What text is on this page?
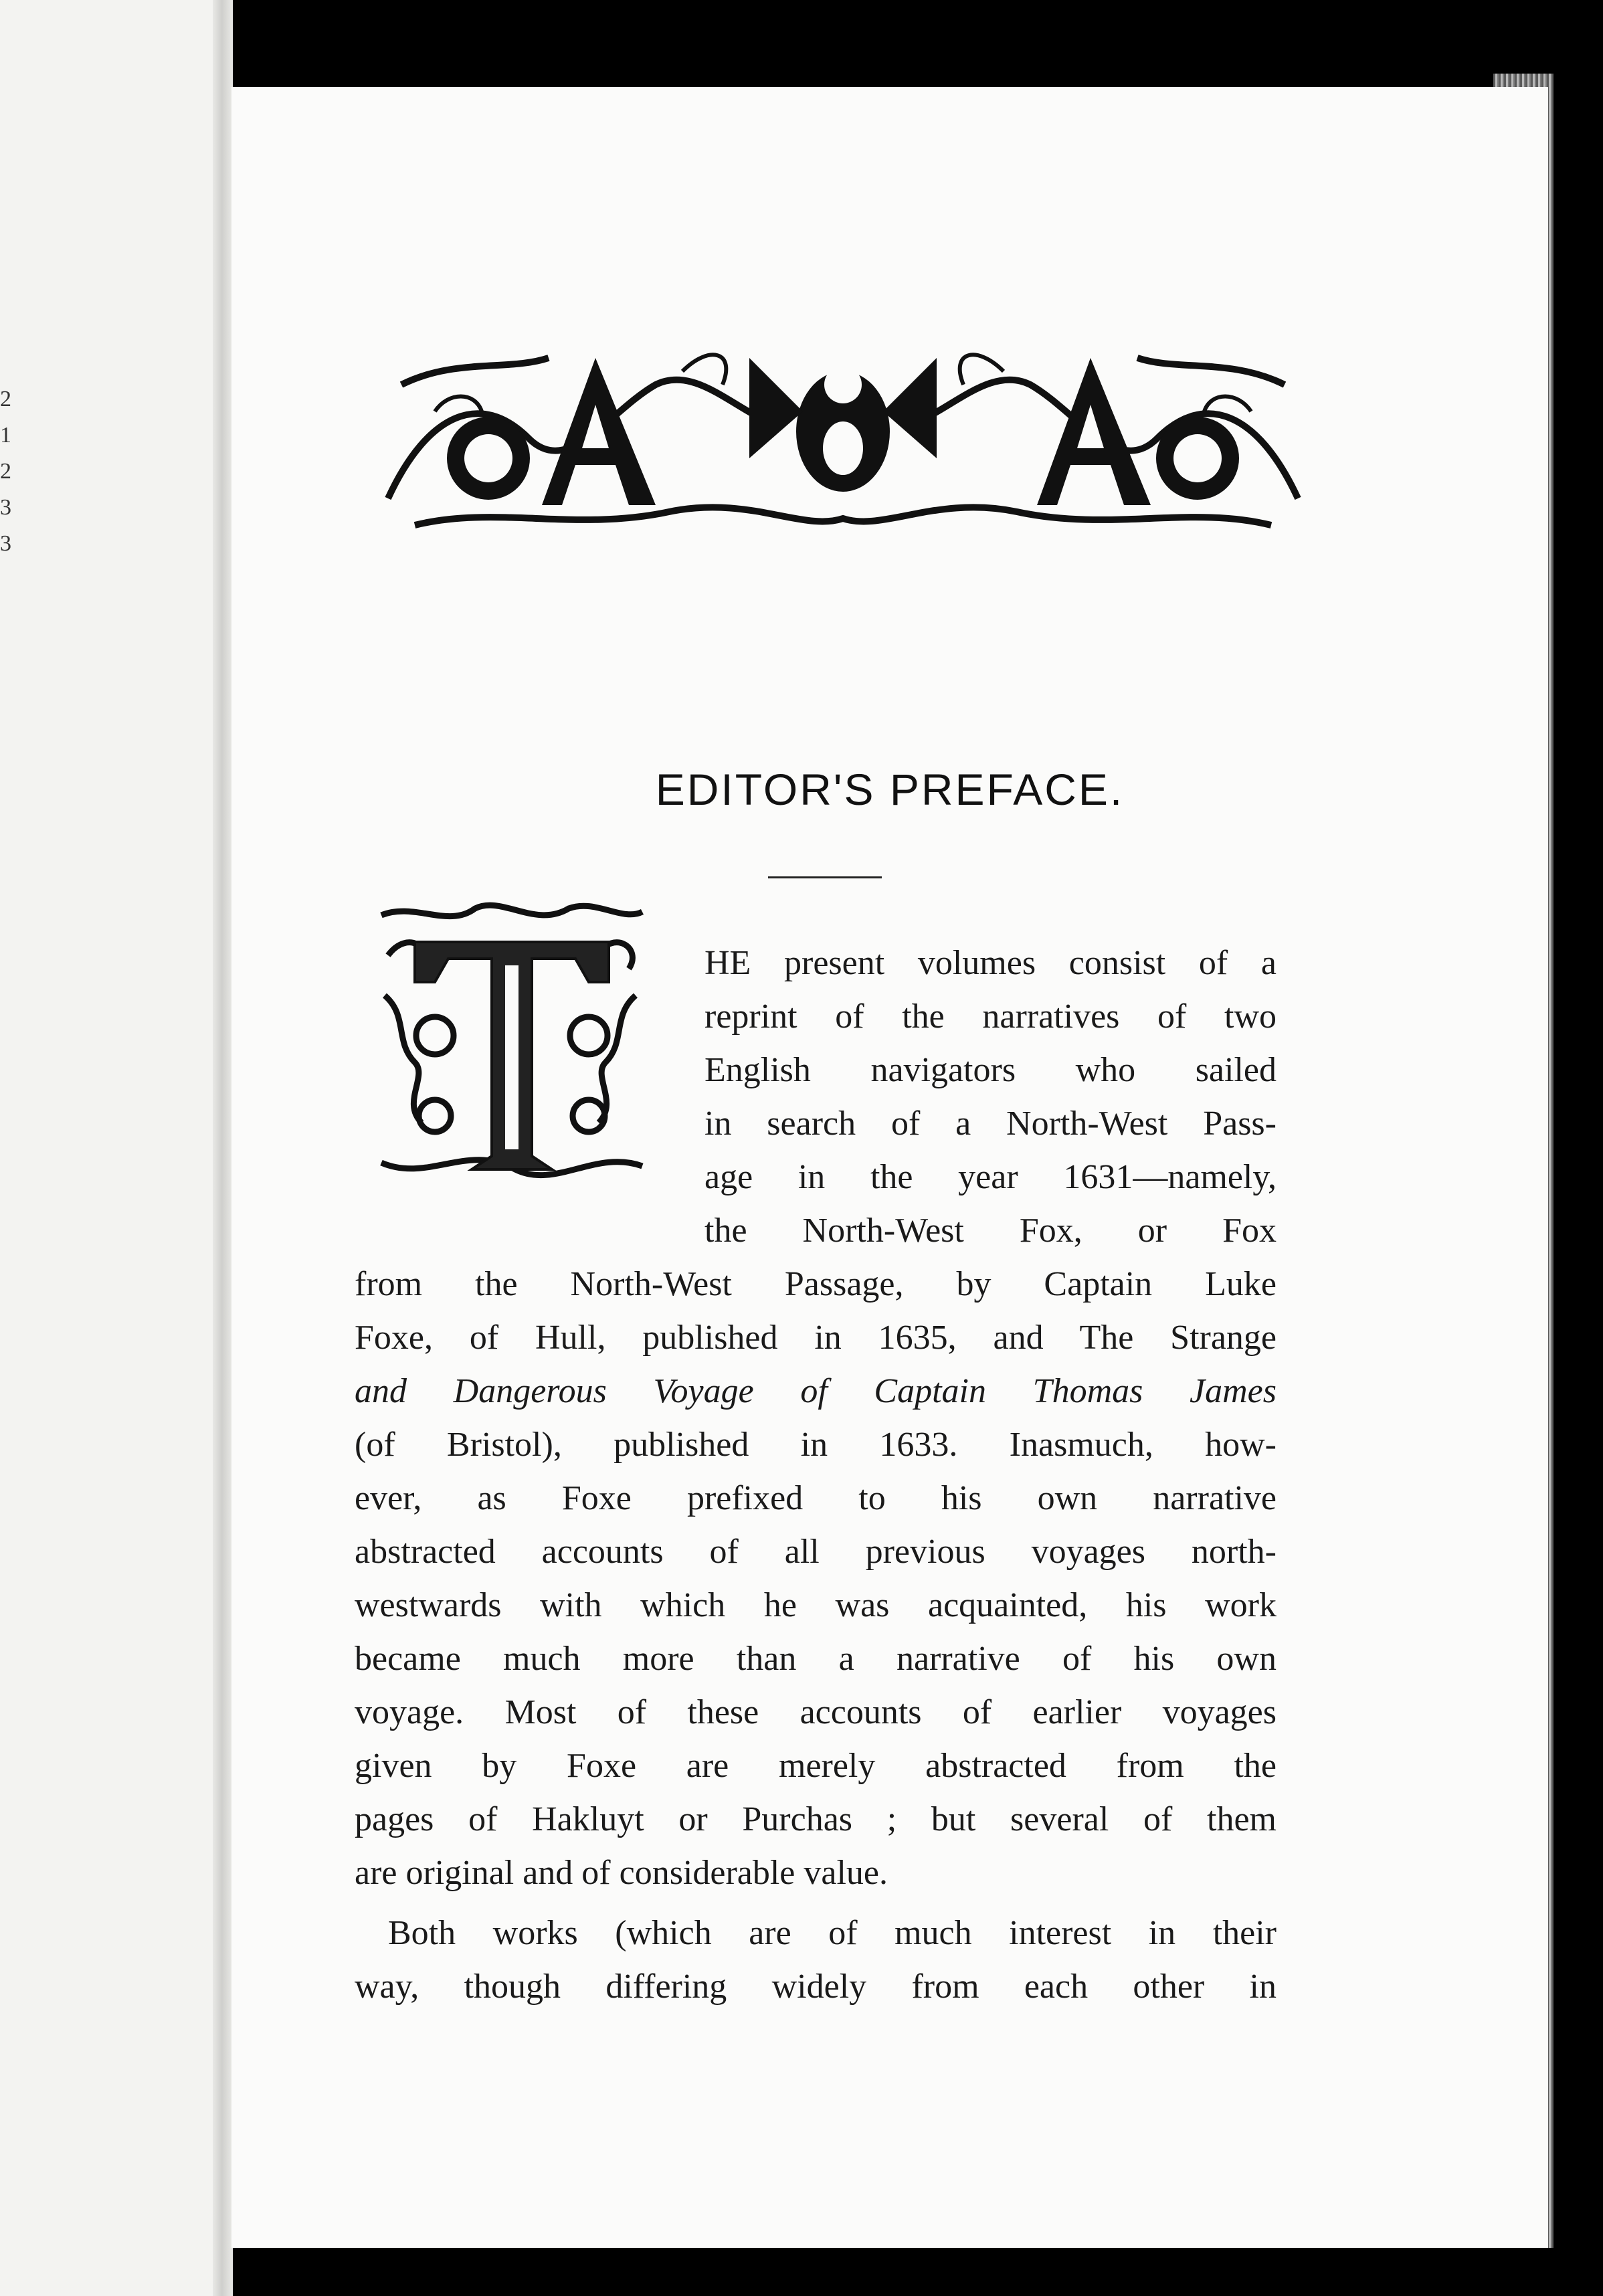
2
1
2
3
3
EDITOR'S PREFACE.

HE present volumes consist of a

reprint of the narratives of two

English navigators who sailed

in search of a North-West Pass-

age in the year 1631—namely,

the North-West Fox, or Fox

from the North-West Passage, by Captain Luke

Foxe, of Hull, published in 1635, and The Strange

and Dangerous Voyage of Captain Thomas James

(of Bristol), published in 1633. Inasmuch, how-

ever, as Foxe prefixed to his own narrative

abstracted accounts of all previous voyages north-

westwards with which he was acquainted, his work

became much more than a narrative of his own

voyage. Most of these accounts of earlier voyages

given by Foxe are merely abstracted from the

pages of Hakluyt or Purchas ; but several of them

are original and of considerable value.

Both works (which are of much interest in their

way, though differing widely from each other in
